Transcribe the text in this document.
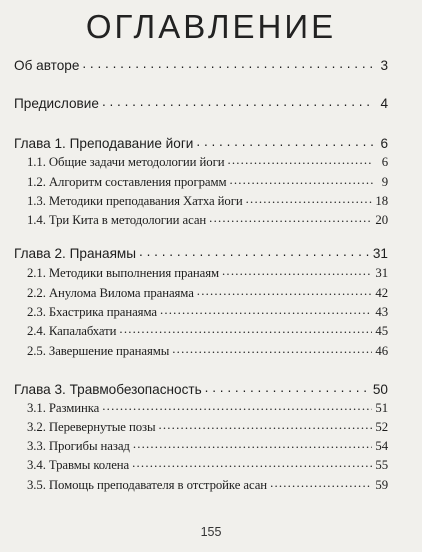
ОГЛАВЛЕНИЕ
Об авторе . . .	3
Предисловие . . .	4
Глава 1. Преподавание йоги . . .	6
1.1. Общие задачи методологии йоги .....	6
1.2. Алгоритм составления программ .....	9
1.3. Методики преподавания Хатха йоги .....	18
1.4. Три Кита в методологии асан .....	20
Глава 2. Пранаямы . . .	31
2.1. Методики выполнения пранаям .....	31
2.2. Анулома Вилома пранаяма .....	42
2.3. Бхастрика пранаяма .....	43
2.4. Капалабхати .....	45
2.5. Завершение пранаямы .....	46
Глава 3. Травмобезопасность . . .	50
3.1. Разминка .....	51
3.2. Перевернутые позы .....	52
3.3. Прогибы назад .....	54
3.4. Травмы колена .....	55
3.5. Помощь преподавателя в отстройке асан .....	59
155
